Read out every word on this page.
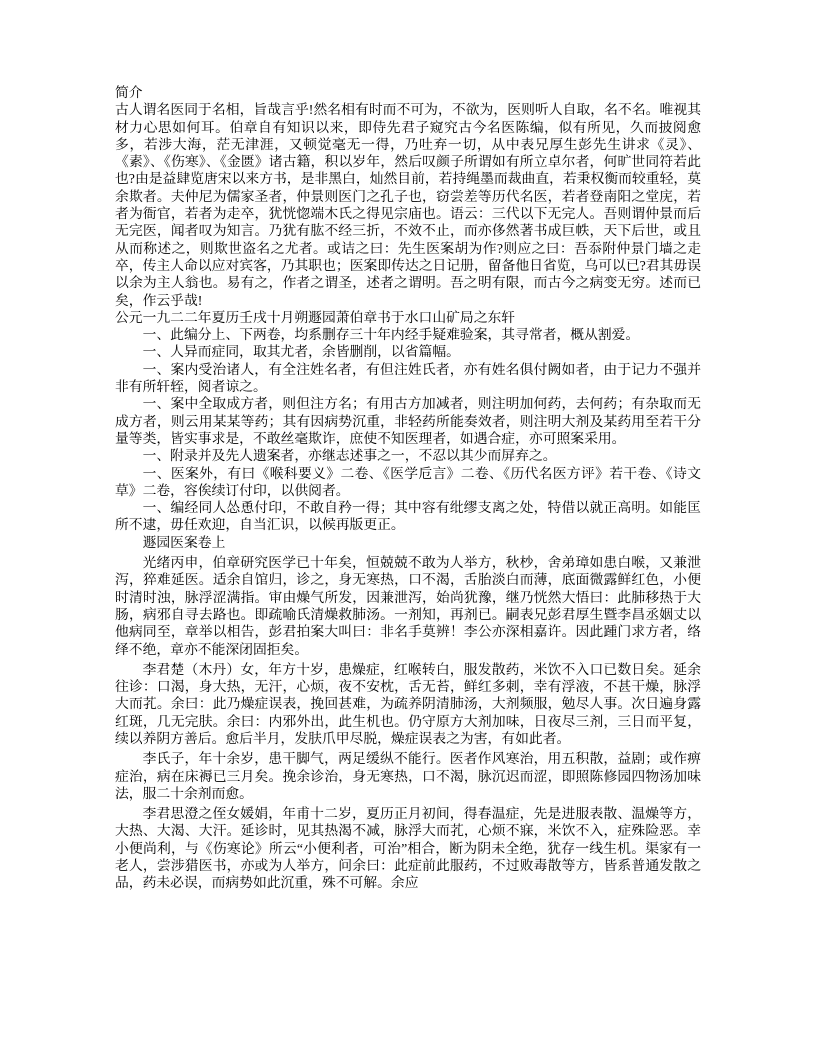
简介

古人谓名医同于名相，旨哉言乎!然名相有时而不可为，不欲为，医则听人自取，名不名。唯视其材力心思如何耳。伯章自有知识以来，即侍先君子窥究古今名医陈编，似有所见，久而披阅愈多，若涉大海，茫无津涯，又顿觉毫无一得，乃吐弃一切，从中表兄厚生彭先生讲求《灵》、《素》、《伤寒》、《金匮》诸古籍，积以岁年，然后叹颜子所谓如有所立卓尔者，何旷世同符若此也?由是益肆览唐宋以来方书，是非黑白，灿然目前，若持绳墨而裁曲直，若秉权衡而较重轻，莫余欺者。夫仲尼为儒家圣者，仲景则医门之孔子也，窃尝差等历代名医，若者登南阳之堂庑，若者为衙官，若者为走卒，犹恍惚端木氏之得见宗庙也。语云：三代以下无完人。吾则谓仲景而后无完医，闻者叹为知言。乃犹有肱不经三折，不效不止，而亦侈然著书成巨帙，天下后世，或且从而称述之，则欺世盗名之尤者。或诘之曰：先生医案胡为作?则应之曰：吾忝附仲景门墙之走卒，传主人命以应对宾客，乃其职也；医案即传达之日记册，留备他日省览，乌可以已?君其毋误以余为主人翁也。易有之，作者之谓圣，述者之谓明。吾之明有限，而古今之病变无穷。述而已矣，作云乎哉!

公元一九二二年夏历壬戌十月朔遯园萧伯章书于水口山矿局之东轩

一、此编分上、下两卷，均系删存三十年内经手疑难验案，其寻常者，概从割爱。

一、人异而症同，取其尤者，余皆删削，以省篇幅。

一、案内受治诸人，有全注姓名者，有但注姓氏者，亦有姓名俱付阙如者，由于记力不强并非有所轩轾，阅者谅之。

一、案中全取成方者，则但注方名；有用古方加减者，则注明加何药，去何药；有杂取而无成方者，则云用某某等药；其有因病势沉重，非轻药所能奏效者，则注明大剂及某药用至若干分量等类，皆实事求是，不敢丝毫欺诈，庶使不知医理者，如遇合症，亦可照案采用。

一、附录并及先人遗案者，亦继志述事之一，不忍以其少而屏弃之。

一、医案外，有曰《喉科要义》二卷、《医学卮言》二卷、《历代名医方评》若干卷、《诗文草》二卷，容俟续订付印，以供阅者。

一、编经同人怂恿付印，不敢自矜一得；其中容有纰缪支离之处，特借以就正高明。如能匡所不逮，毋任欢迎，自当汇识，以候再版更正。

遯园医案卷上

光绪丙申，伯章研究医学已十年矣，恒兢兢不敢为人举方，秋杪，舍弟璋如患白喉，又兼泄泻，猝难延医。适余自馆归，诊之，身无寒热，口不渴，舌胎淡白而薄，底面微露鲜红色，小便时清时浊，脉浮涩满指。审由燥气所发，因兼泄泻，始尚犹豫，继乃恍然大悟曰：此肺移热于大肠，病邪自寻去路也。即疏喻氏清燥救肺汤。一剂知，再剂已。嗣表兄彭君厚生暨李昌丞姻丈以他病同至，章举以相告，彭君拍案大叫曰：非名手莫辨！李公亦深相嘉许。因此踵门求方者，络绎不绝，章亦不能深闭固拒矣。

李君楚（木丹）女，年方十岁，患燥症，红喉转白，服发散药，米饮不入口已数日矣。延余往诊：口渴，身大热，无汗，心烦，夜不安枕，舌无苔，鲜红多刺，幸有浮液，不甚干燥，脉浮大而芤。余曰：此乃燥症误表，挽回甚难，为疏养阴清肺汤，大剂频服，勉尽人事。次日遍身露红斑，几无完肤。余曰：内邪外出，此生机也。仍守原方大剂加味，日夜尽三剂，三日而平复，续以养阴方善后。愈后半月，发肤爪甲尽脱，燥症误表之为害，有如此者。

李氏子，年十余岁，患干脚气，两足缓纵不能行。医者作风寒治，用五积散，益剧；或作痹症治，病在床褥已三月矣。挽余诊治，身无寒热，口不渴，脉沉迟而涩，即照陈修园四物汤加味法，服二十余剂而愈。

李君思澄之侄女媛娟，年甫十二岁，夏历正月初间，得春温症，先是进服表散、温燥等方，大热、大渴、大汗。延诊时，见其热渴不减，脉浮大而芤，心烦不寐，米饮不入，症殊险恶。幸小便尚利，与《伤寒论》所云“小便利者，可治”相合，断为阴未全绝，犹存一线生机。渠家有一老人，尝涉猎医书，亦或为人举方，问余曰：此症前此服药，不过败毒散等方，皆系普通发散之品，药未必误，而病势如此沉重，殊不可解。余应
